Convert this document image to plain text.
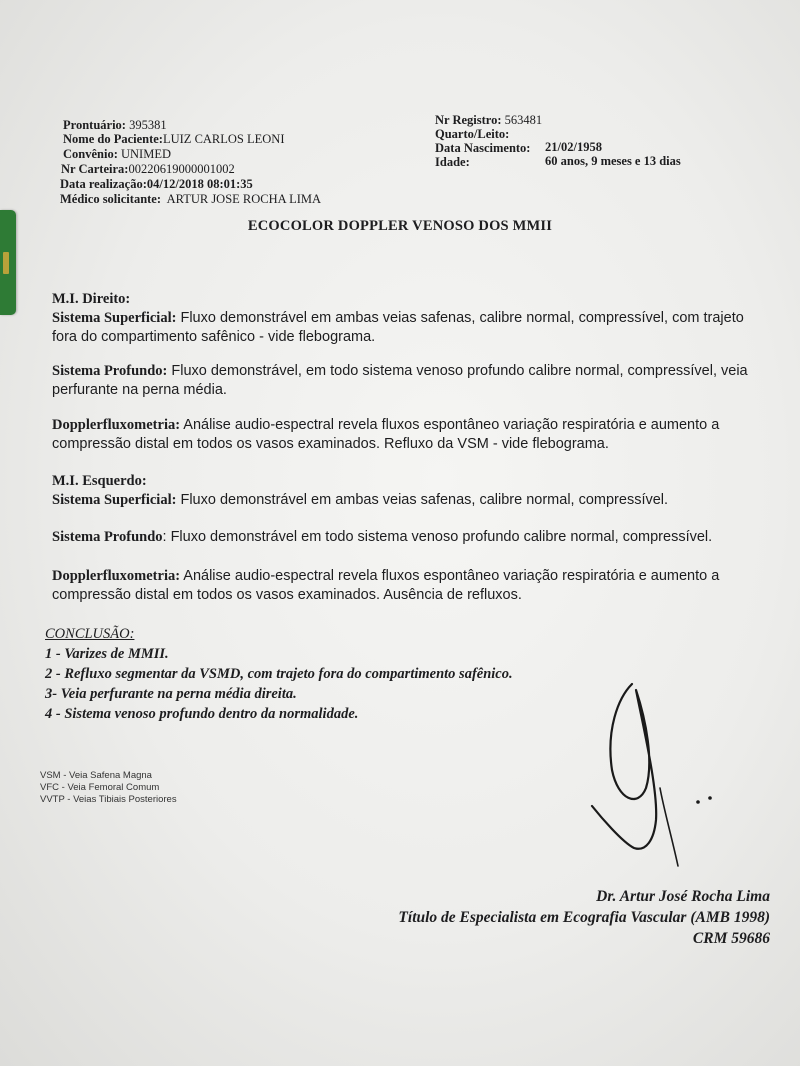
Prontuário: 395381
Nome do Paciente:LUIZ CARLOS LEONI
Convênio: UNIMED
Nr Carteira:00220619000001002
Data realização:04/12/2018 08:01:35
Médico solicitante: ARTUR JOSE ROCHA LIMA
Nr Registro: 563481
Quarto/Leito:
Data Nascimento: 21/02/1958
Idade:	60 anos, 9 meses e 13 dias
ECOCOLOR DOPPLER VENOSO DOS MMII
M.I. Direito:
Sistema Superficial: Fluxo demonstrável em ambas veias safenas, calibre normal, compressível, com trajeto fora do compartimento safênico - vide flebograma.
Sistema Profundo: Fluxo demonstrável, em todo sistema venoso profundo calibre normal, compressível, veia perfurante na perna média.
Dopplerfluxometria: Análise audio-espectral revela fluxos espontâneo variação respiratória e aumento a compressão distal em todos os vasos examinados. Refluxo da VSM - vide flebograma.
M.I. Esquerdo:
Sistema Superficial: Fluxo demonstrável em ambas veias safenas, calibre normal, compressível.
Sistema Profundo: Fluxo demonstrável em todo sistema venoso profundo calibre normal, compressível.
Dopplerfluxometria: Análise audio-espectral revela fluxos espontâneo variação respiratória e aumento a compressão distal em todos os vasos examinados. Ausência de refluxos.
CONCLUSÃO:
1 - Varizes de MMII.
2 - Refluxo segmentar da VSMD, com trajeto fora do compartimento safênico.
3- Veia perfurante na perna média direita.
4 - Sistema venoso profundo dentro da normalidade.
VSM - Veia Safena Magna
VFC - Veia Femoral Comum
VVTP - Veias Tibiais Posteriores
Dr. Artur José Rocha Lima
Título de Especialista em Ecografia Vascular (AMB 1998)
CRM 59686
